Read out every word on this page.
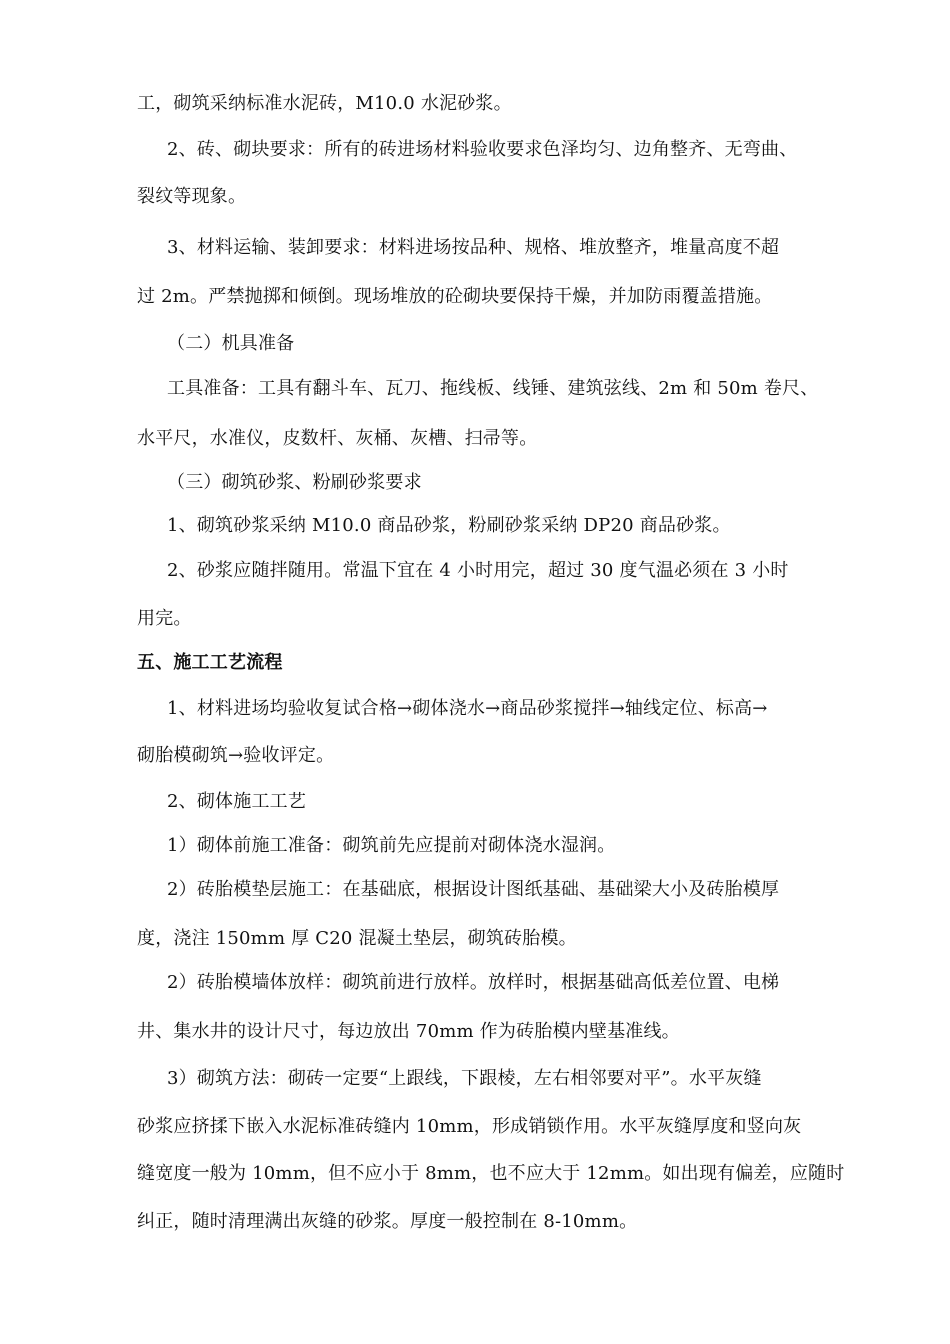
工，砌筑采纳标准水泥砖，M10.0 水泥砂浆。
2、砖、砌块要求：所有的砖进场材料验收要求色泽均匀、边角整齐、无弯曲、
裂纹等现象。
3、材料运输、装卸要求：材料进场按品种、规格、堆放整齐，堆量高度不超
过 2m。严禁抛掷和倾倒。现场堆放的砼砌块要保持干燥，并加防雨覆盖措施。
（二）机具准备
工具准备：工具有翻斗车、瓦刀、拖线板、线锤、建筑弦线、2m 和 50m 卷尺、
水平尺，水准仪，皮数杆、灰桶、灰槽、扫帚等。
（三）砌筑砂浆、粉刷砂浆要求
1、砌筑砂浆采纳 M10.0 商品砂浆，粉刷砂浆采纳 DP20 商品砂浆。
2、砂浆应随拌随用。常温下宜在 4 小时用完，超过 30 度气温必须在 3 小时
用完。
五、施工工艺流程
1、材料进场均验收复试合格→砌体浇水→商品砂浆搅拌→轴线定位、标高→
砌胎模砌筑→验收评定。
2、砌体施工工艺
1）砌体前施工准备：砌筑前先应提前对砌体浇水湿润。
2）砖胎模垫层施工：在基础底，根据设计图纸基础、基础梁大小及砖胎模厚
度，浇注 150mm 厚 C20 混凝土垫层，砌筑砖胎模。
2）砖胎模墙体放样：砌筑前进行放样。放样时，根据基础高低差位置、电梯
井、集水井的设计尺寸，每边放出 70mm 作为砖胎模内壁基准线。
3）砌筑方法：砌砖一定要“上跟线，下跟棱，左右相邻要对平”。水平灰缝
砂浆应挤揉下嵌入水泥标准砖缝内 10mm，形成销锁作用。水平灰缝厚度和竖向灰
缝宽度一般为 10mm，但不应小于 8mm，也不应大于 12mm。如出现有偏差，应随时
纠正，随时清理满出灰缝的砂浆。厚度一般控制在 8-10mm。
